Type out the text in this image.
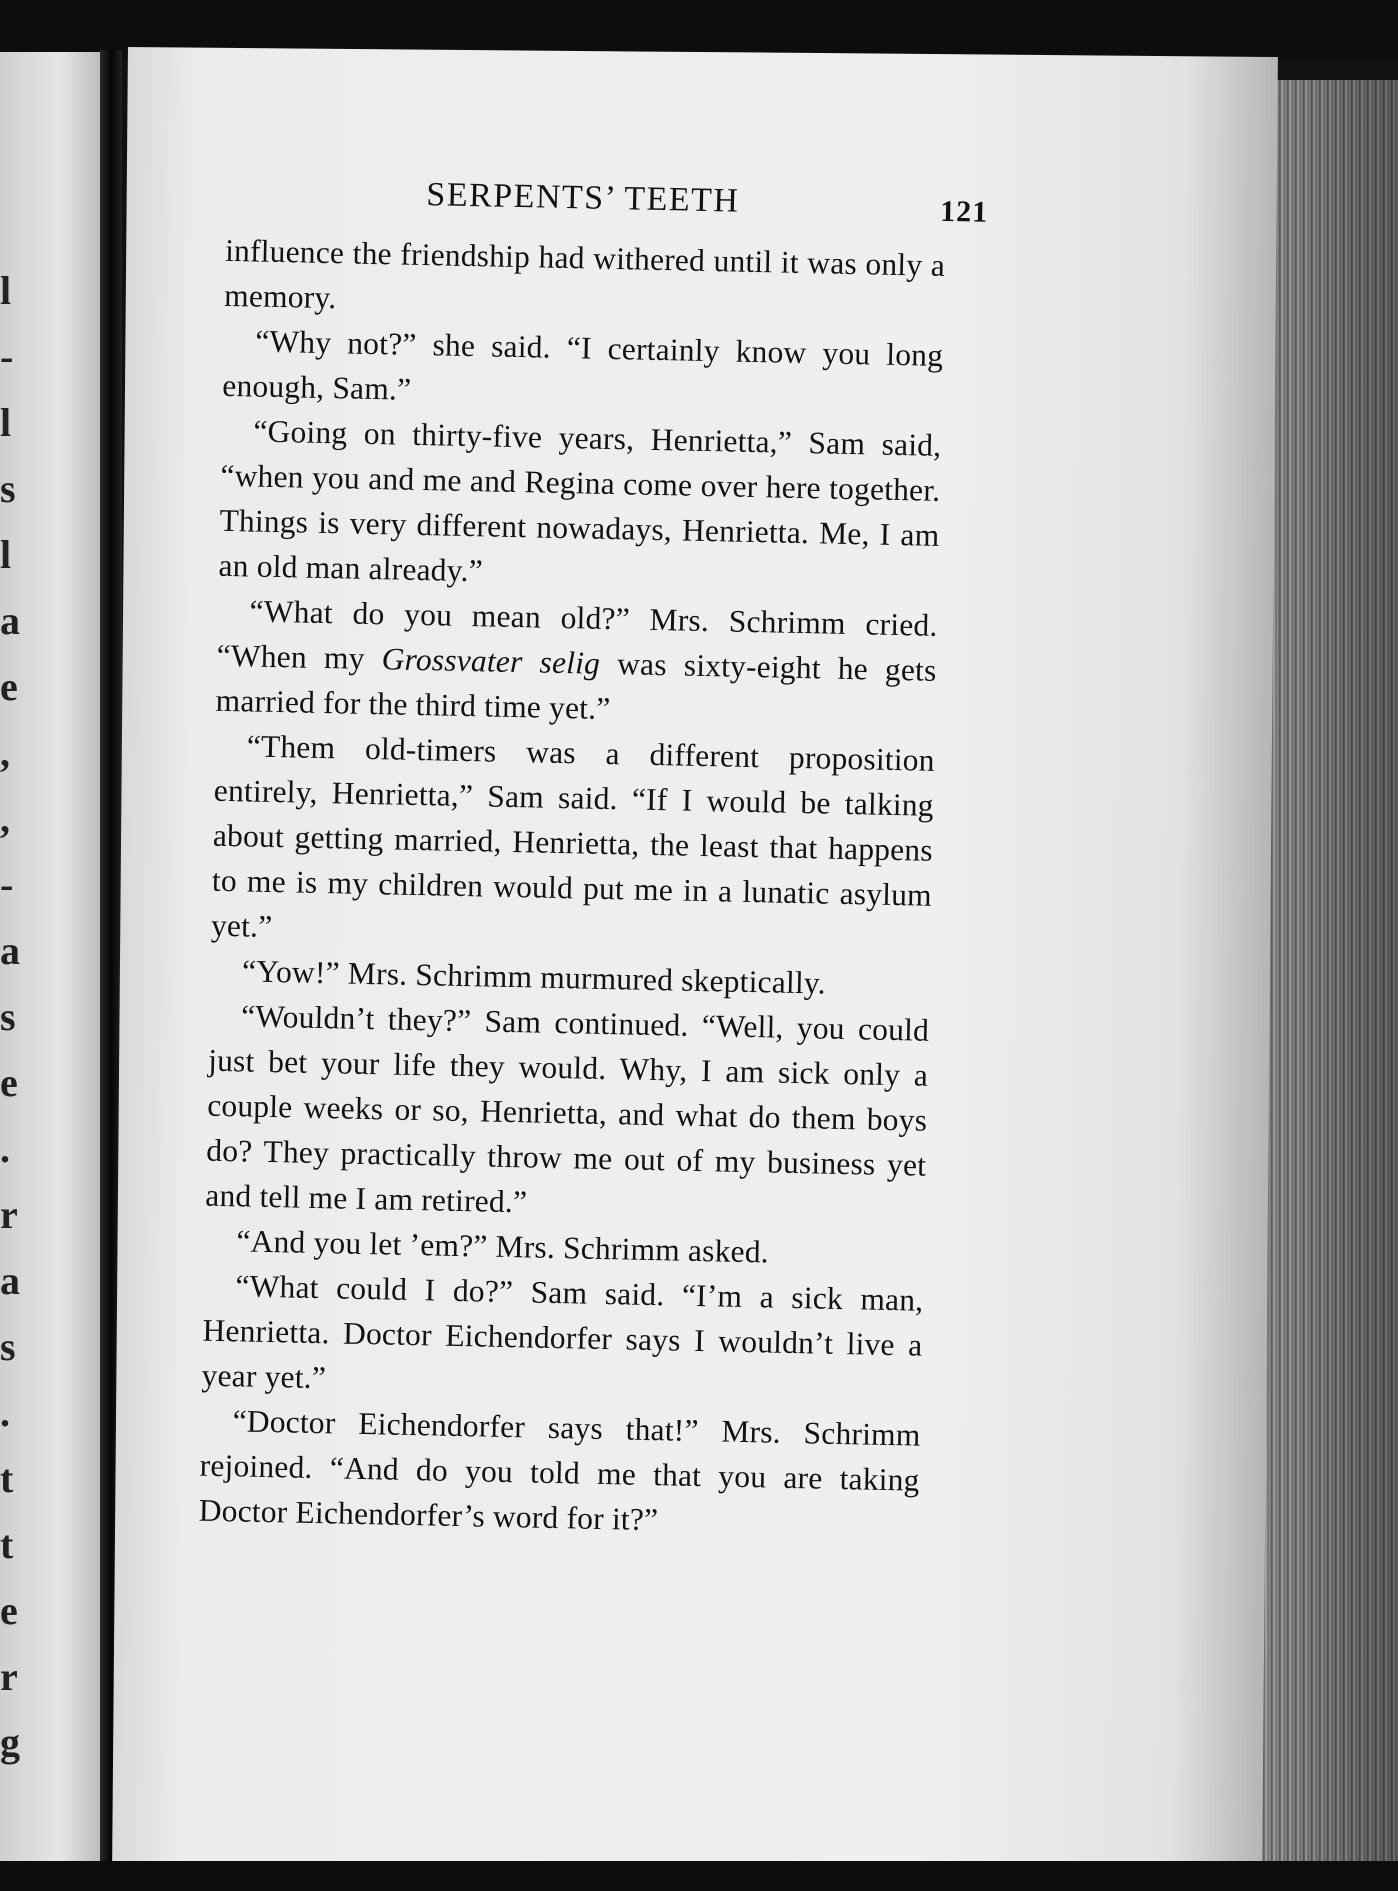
l
-
l
s
l
a
e
,
,
-
a
s
e
.
r
a
s
.
t
t
e
r
g
SERPENTS’ TEETH	121

influence the friendship had withered until it was only a memory.

“Why not?” she said. “I certainly know you long enough, Sam.”

“Going on thirty-five years, Henrietta,” Sam said, “when you and me and Regina come over here together. Things is very different nowadays, Henrietta. Me, I am an old man already.”

“What do you mean old?” Mrs. Schrimm cried. “When my Grossvater selig was sixty-eight he gets married for the third time yet.”

“Them old-timers was a different proposition entirely, Henrietta,” Sam said. “If I would be talking about getting married, Henrietta, the least that happens to me is my children would put me in a lunatic asylum yet.”

“Yow!” Mrs. Schrimm murmured skeptically.

“Wouldn’t they?” Sam continued. “Well, you could just bet your life they would. Why, I am sick only a couple weeks or so, Henrietta, and what do them boys do? They practically throw me out of my business yet and tell me I am retired.”

“And you let ’em?” Mrs. Schrimm asked.

“What could I do?” Sam said. “I’m a sick man, Henrietta. Doctor Eichendorfer says I wouldn’t live a year yet.”

“Doctor Eichendorfer says that!” Mrs. Schrimm rejoined. “And do you told me that you are taking Doctor Eichendorfer’s word for it?”
